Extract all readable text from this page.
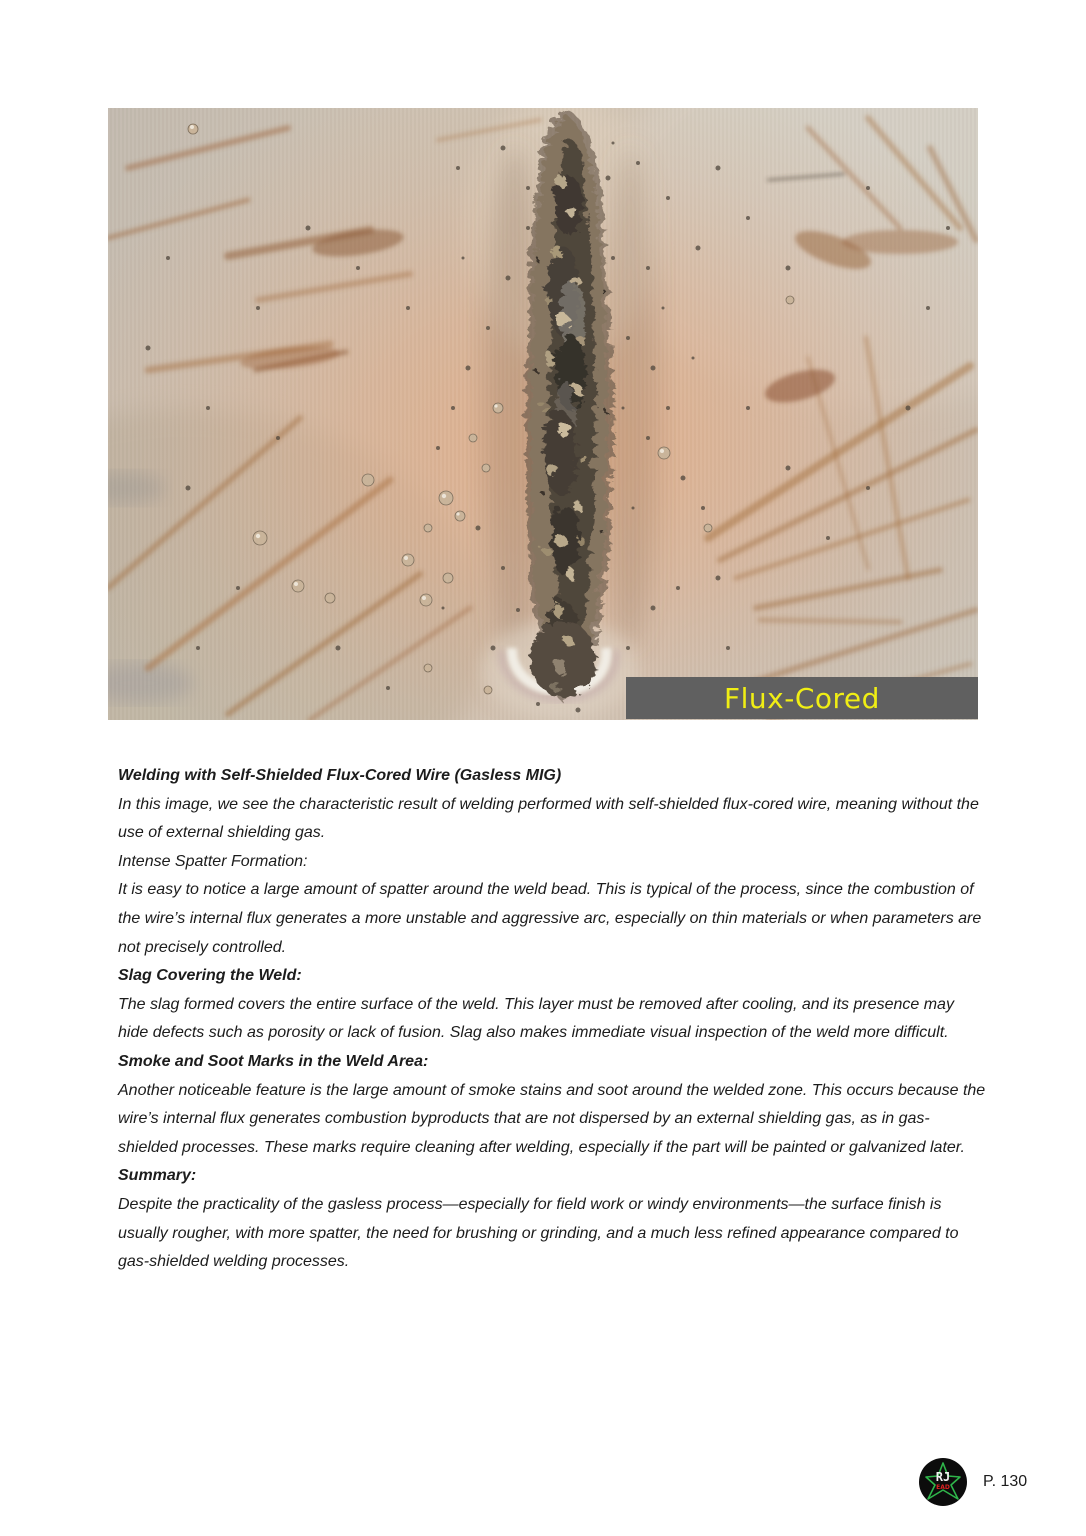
Flux-Cored
Welding with Self-Shielded Flux-Cored Wire (Gasless MIG)

In this image, we see the characteristic result of welding performed with self-shielded flux-cored wire, meaning without the use of external shielding gas.

Intense Spatter Formation:

It is easy to notice a large amount of spatter around the weld bead. This is typical of the process, since the combustion of the wire’s internal flux generates a more unstable and aggressive arc, especially on thin materials or when parameters are not precisely controlled.

Slag Covering the Weld:

The slag formed covers the entire surface of the weld. This layer must be removed after cooling, and its presence may hide defects such as porosity or lack of fusion. Slag also makes immediate visual inspection of the weld more difficult.

Smoke and Soot Marks in the Weld Area:

Another noticeable feature is the large amount of smoke stains and soot around the welded zone. This occurs because the wire’s internal flux generates combustion byproducts that are not dispersed by an external shielding gas, as in gas-shielded processes. These marks require cleaning after welding, especially if the part will be painted or galvanized later.

Summary:

Despite the practicality of the gasless process—especially for field work or windy environments—the surface finish is usually rougher, with more spatter, the need for brushing or grinding, and a much less refined appearance compared to gas-shielded welding processes.

RJ
EAD P. 130
